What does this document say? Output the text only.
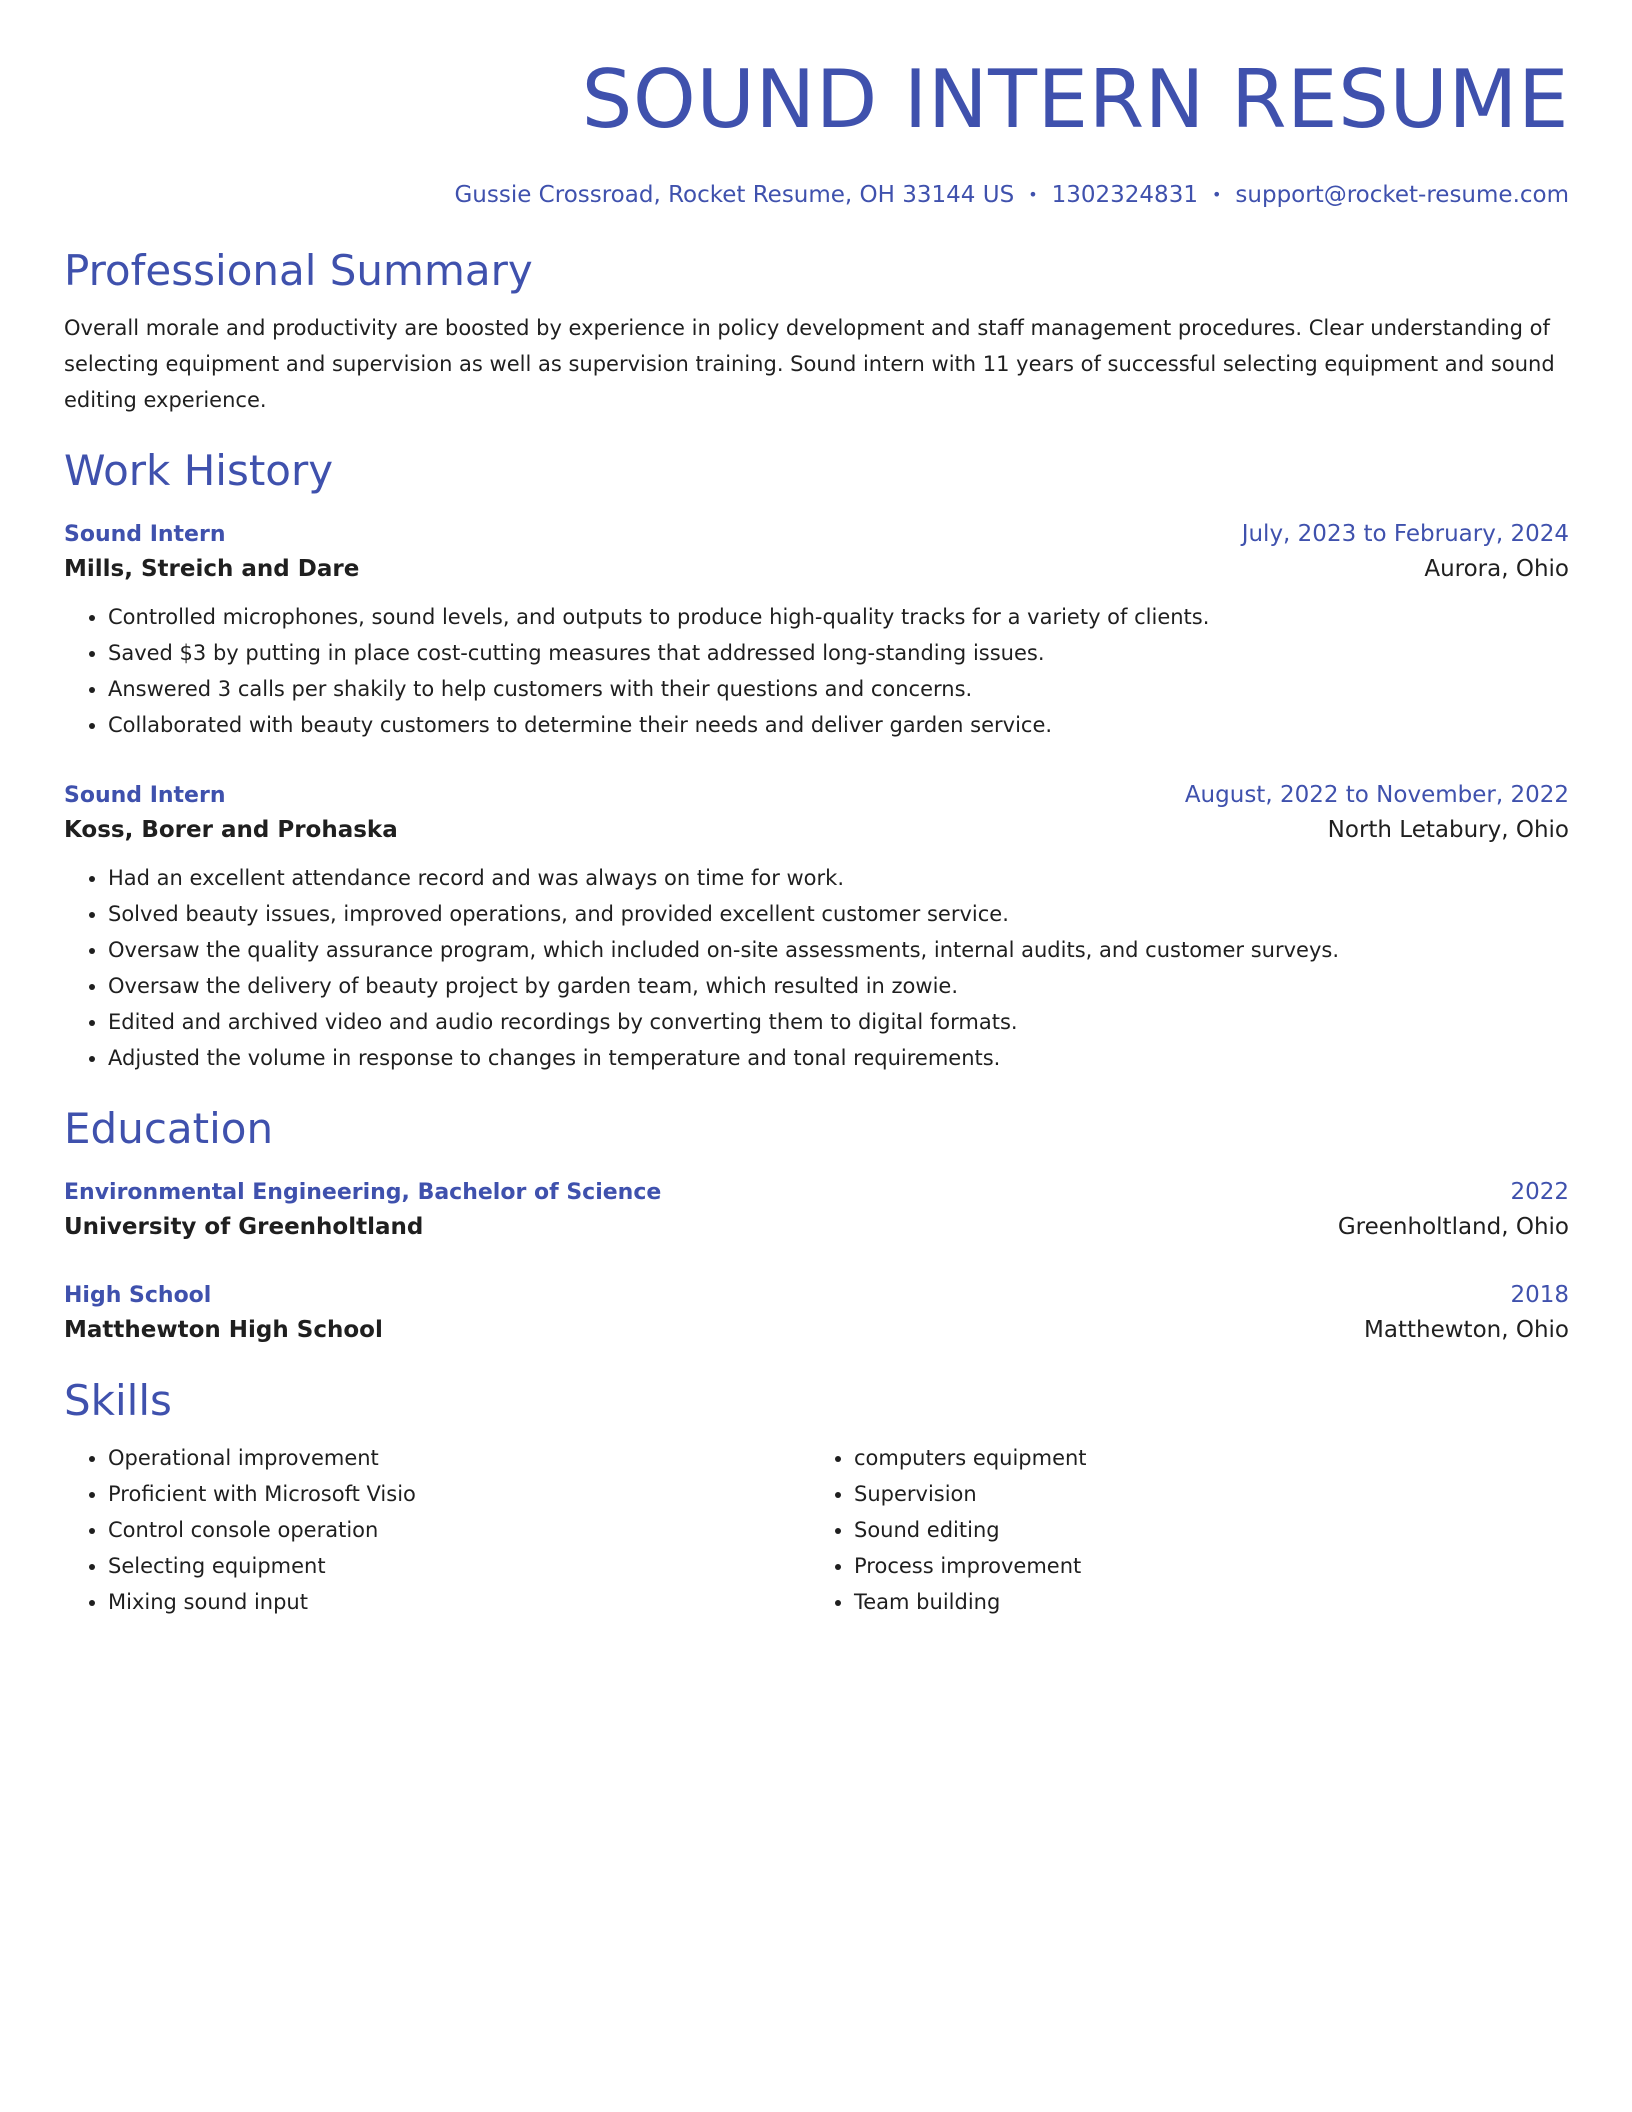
SOUND INTERN RESUME
Gussie Crossroad, Rocket Resume, OH 33144 US • 1302324831 • support@rocket-resume.com
Professional Summary
Overall morale and productivity are boosted by experience in policy development and staff management procedures. Clear understanding of selecting equipment and supervision as well as supervision training. Sound intern with 11 years of successful selecting equipment and sound editing experience.
Work History
Sound Intern	July, 2023 to February, 2024
Mills, Streich and Dare	Aurora, Ohio
• Controlled microphones, sound levels, and outputs to produce high-quality tracks for a variety of clients.
• Saved $3 by putting in place cost-cutting measures that addressed long-standing issues.
• Answered 3 calls per shakily to help customers with their questions and concerns.
• Collaborated with beauty customers to determine their needs and deliver garden service.
Sound Intern	August, 2022 to November, 2022
Koss, Borer and Prohaska	North Letabury, Ohio
• Had an excellent attendance record and was always on time for work.
• Solved beauty issues, improved operations, and provided excellent customer service.
• Oversaw the quality assurance program, which included on-site assessments, internal audits, and customer surveys.
• Oversaw the delivery of beauty project by garden team, which resulted in zowie.
• Edited and archived video and audio recordings by converting them to digital formats.
• Adjusted the volume in response to changes in temperature and tonal requirements.
Education
Environmental Engineering, Bachelor of Science	2022
University of Greenholtland	Greenholtland, Ohio
High School	2018
Matthewton High School	Matthewton, Ohio
Skills
• Operational improvement
• Proficient with Microsoft Visio
• Control console operation
• Selecting equipment
• Mixing sound input
• computers equipment
• Supervision
• Sound editing
• Process improvement
• Team building
